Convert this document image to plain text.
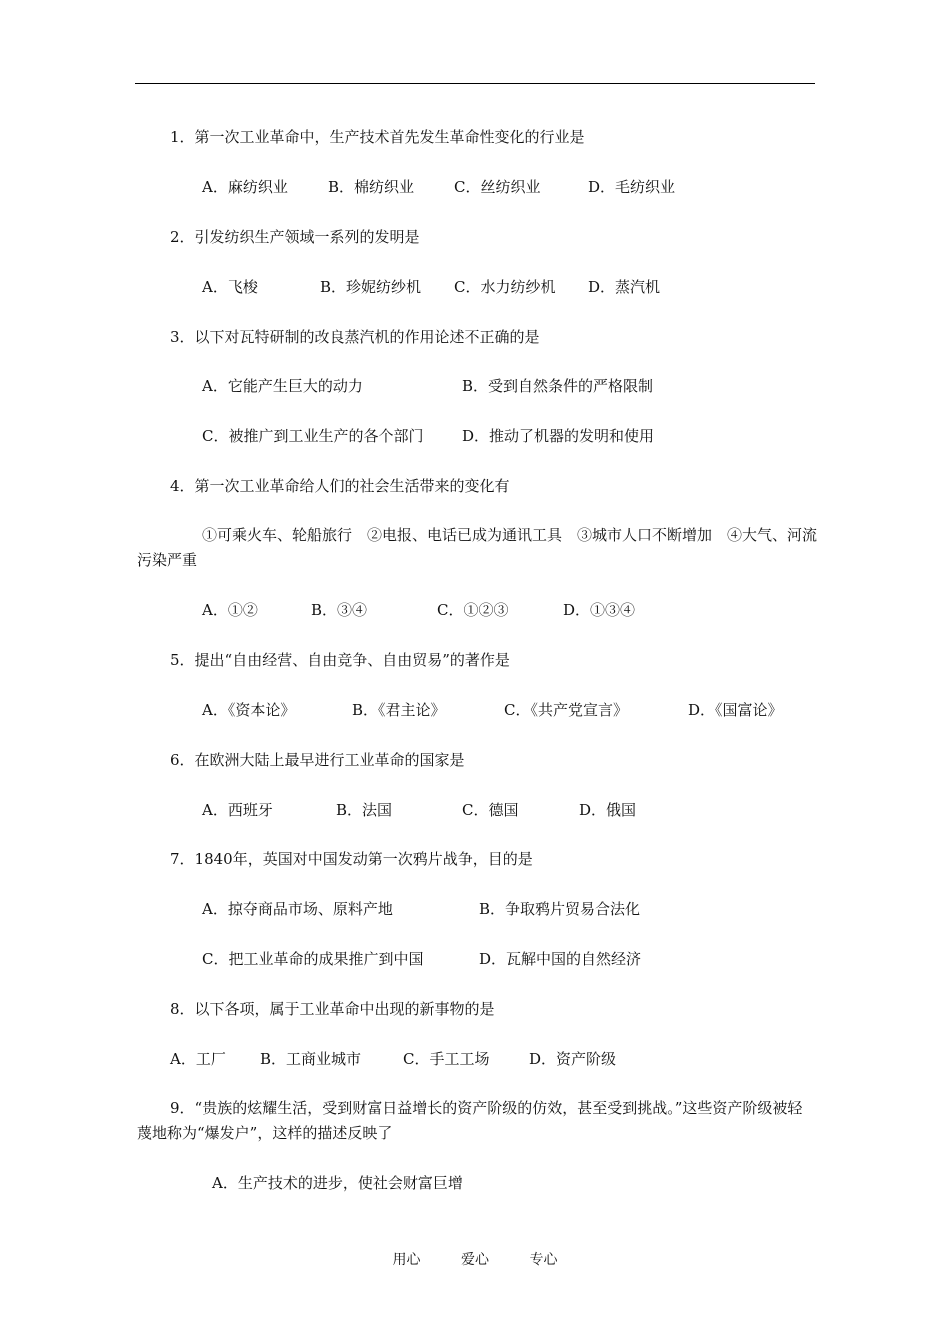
1．第一次工业革命中，生产技术首先发生革命性变化的行业是
A．麻纺织业	B．棉纺织业	C．丝纺织业	D．毛纺织业
2．引发纺织生产领域一系列的发明是
A．飞梭	B．珍妮纺纱机 C．水力纺纱机 D．蒸汽机
3．以下对瓦特研制的改良蒸汽机的作用论述不正确的是
A．它能产生巨大的动力	B．受到自然条件的严格限制
C．被推广到工业生产的各个部门	D．推动了机器的发明和使用
4．第一次工业革命给人们的社会生活带来的变化有
①可乘火车、轮船旅行　②电报、电话已成为通讯工具　③城市人口不断增加　④大气、河流污染严重
A．①②	B．③④	C．①②③	D．①③④
5．提出“自由经营、自由竞争、自由贸易”的著作是
A．《资本论》	B．《君主论》	C．《共产党宣言》	D．《国富论》
6．在欧洲大陆上最早进行工业革命的国家是
A．西班牙	B．法国	C．德国	D．俄国
7．1840年，英国对中国发动第一次鸦片战争，目的是
A．掠夺商品市场、原料产地	B．争取鸦片贸易合法化
C．把工业革命的成果推广到中国	D．瓦解中国的自然经济
8．以下各项，属于工业革命中出现的新事物的是
A．工厂 B．工商业城市	C．手工工场	D．资产阶级
9．“贵族的炫耀生活，受到财富日益增长的资产阶级的仿效，甚至受到挑战。”这些资产阶级被轻蔑地称为“爆发户”，这样的描述反映了
A．生产技术的进步，使社会财富巨增
用心	爱心	专心
